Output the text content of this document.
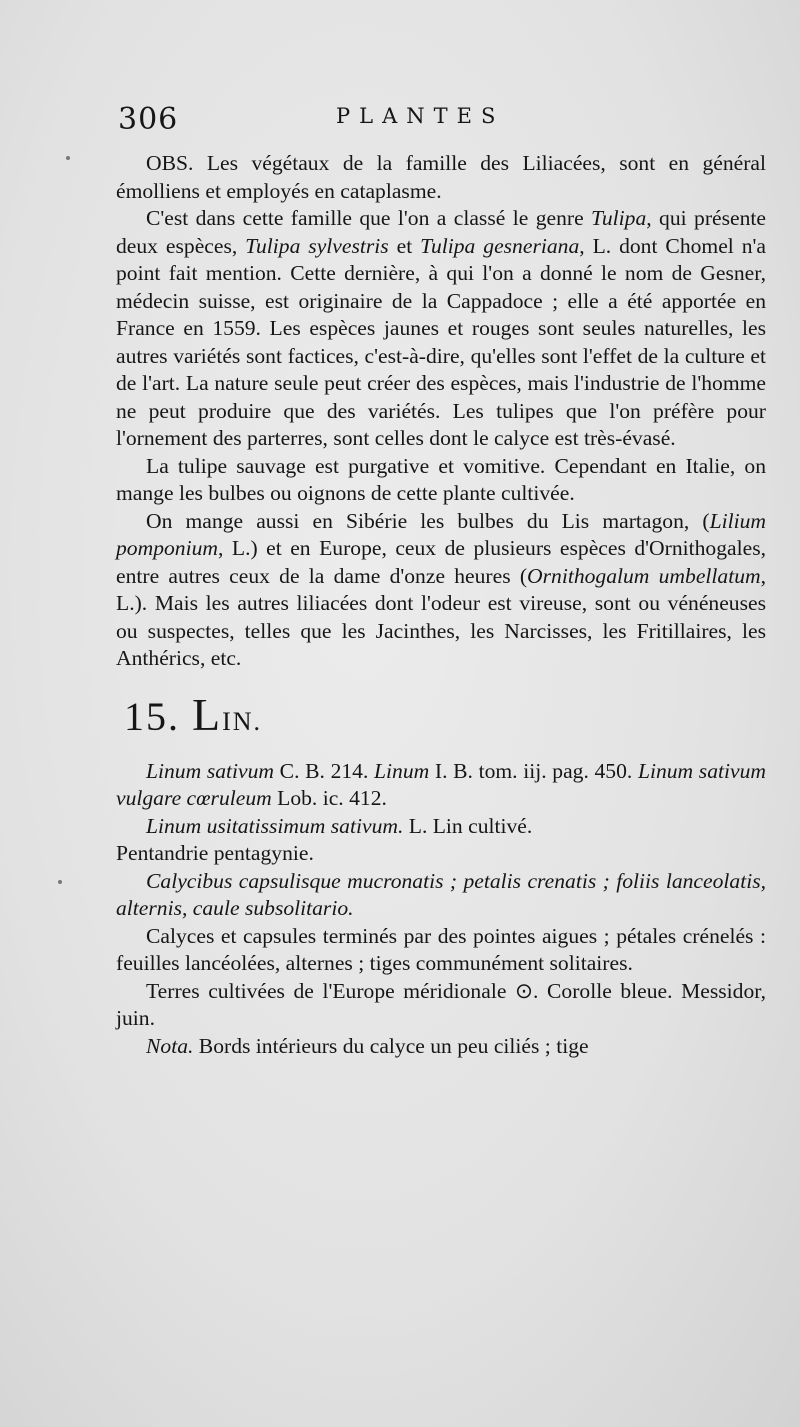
306	PLANTES

OBS. Les végétaux de la famille des Liliacées, sont en général émolliens et employés en cataplasme.

C'est dans cette famille que l'on a classé le genre Tulipa, qui présente deux espèces, Tulipa sylvestris et Tulipa gesneriana, L. dont Chomel n'a point fait mention. Cette dernière, à qui l'on a donné le nom de Gesner, médecin suisse, est originaire de la Cappadoce ; elle a été apportée en France en 1559. Les espèces jaunes et rouges sont seules naturelles, les autres variétés sont factices, c'est-à-dire, qu'elles sont l'effet de la culture et de l'art. La nature seule peut créer des espèces, mais l'industrie de l'homme ne peut produire que des variétés. Les tulipes que l'on préfère pour l'ornement des parterres, sont celles dont le calyce est très-évasé.

La tulipe sauvage est purgative et vomitive. Cependant en Italie, on mange les bulbes ou oignons de cette plante cultivée.

On mange aussi en Sibérie les bulbes du Lis martagon, (Lilium pomponium, L.) et en Europe, ceux de plusieurs espèces d'Ornithogales, entre autres ceux de la dame d'onze heures (Ornithogalum umbellatum, L.). Mais les autres liliacées dont l'odeur est vireuse, sont ou vénéneuses ou suspectes, telles que les Jacinthes, les Narcisses, les Fritillaires, les Anthérics, etc.

15. LIN.

Linum sativum C. B. 214. Linum I. B. tom. iij. pag. 450. Linum sativum vulgare cœruleum Lob. ic. 412.

Linum usitatissimum sativum. L. Lin cultivé.

Pentandrie pentagynie.

Calycibus capsulisque mucronatis ; petalis crenatis ; foliis lanceolatis, alternis, caule subsolitario.

Calyces et capsules terminés par des pointes aigues ; pétales crénelés : feuilles lancéolées, alternes ; tiges communément solitaires.

Terres cultivées de l'Europe méridionale ⊙. Corolle bleue. Messidor, juin.

Nota. Bords intérieurs du calyce un peu ciliés ; tige
